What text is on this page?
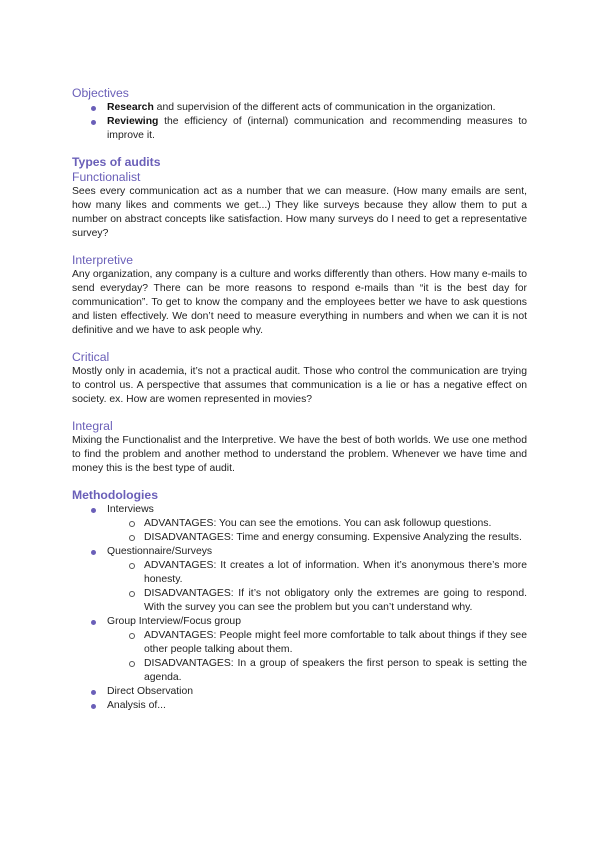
Objectives
Research and supervision of the different acts of communication in the organization.
Reviewing the efficiency of (internal) communication and recommending measures to improve it.
Types of audits
Functionalist

Sees every communication act as a number that we can measure. (How many emails are sent, how many likes and comments we get...) They like surveys because they allow them to put a number on abstract concepts like satisfaction. How many surveys do I need to get a representative survey?

Interpretive

Any organization, any company is a culture and works differently than others. How many e-mails to send everyday? There can be more reasons to respond e-mails than “it is the best day for communication”. To get to know the company and the employees better we have to ask questions and listen effectively. We don’t need to measure everything in numbers and when we can it is not definitive and we have to ask people why.

Critical

Mostly only in academia, it’s not a practical audit. Those who control the communication are trying to control us. A perspective that assumes that communication is a lie or has a negative effect on society. ex. How are women represented in movies?

Integral

Mixing the Functionalist and the Interpretive. We have the best of both worlds. We use one method to find the problem and another method to understand the problem. Whenever we have time and money this is the best type of audit.

Methodologies
Interviews
ADVANTAGES: You can see the emotions. You can ask followup questions.
DISADVANTAGES: Time and energy consuming. Expensive Analyzing the results.
Questionnaire/Surveys
ADVANTAGES: It creates a lot of information. When it’s anonymous there’s more honesty.
DISADVANTAGES: If it’s not obligatory only the extremes are going to respond. With the survey you can see the problem but you can’t understand why.
Group Interview/Focus group
ADVANTAGES: People might feel more comfortable to talk about things if they see other people talking about them.
DISADVANTAGES: In a group of speakers the first person to speak is setting the agenda.
Direct Observation
Analysis of...
